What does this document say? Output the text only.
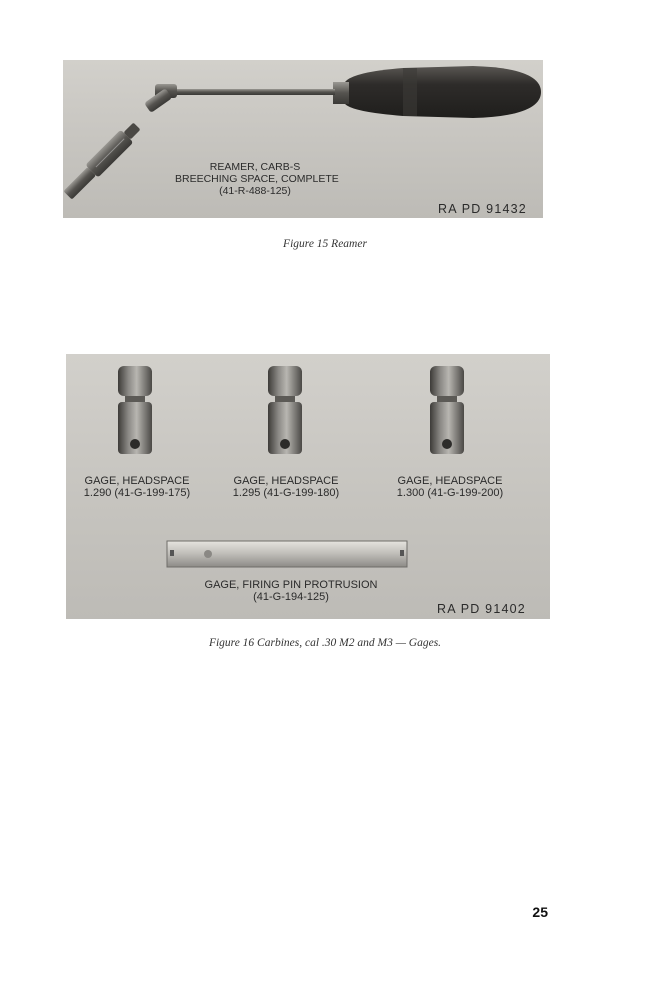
REAMER, CARB-S
BREECHING SPACE, COMPLETE
(41-R-488-125)

RA PD 91432

Figure 15 Reamer

GAGE, HEADSPACE
1.290 (41-G-199-175)

GAGE, HEADSPACE
1.295 (41-G-199-180)

GAGE, HEADSPACE
1.300 (41-G-199-200)

GAGE, FIRING PIN PROTRUSION
(41-G-194-125)

RA PD 91402

Figure 16 Carbines, cal .30 M2 and M3 — Gages.

25
